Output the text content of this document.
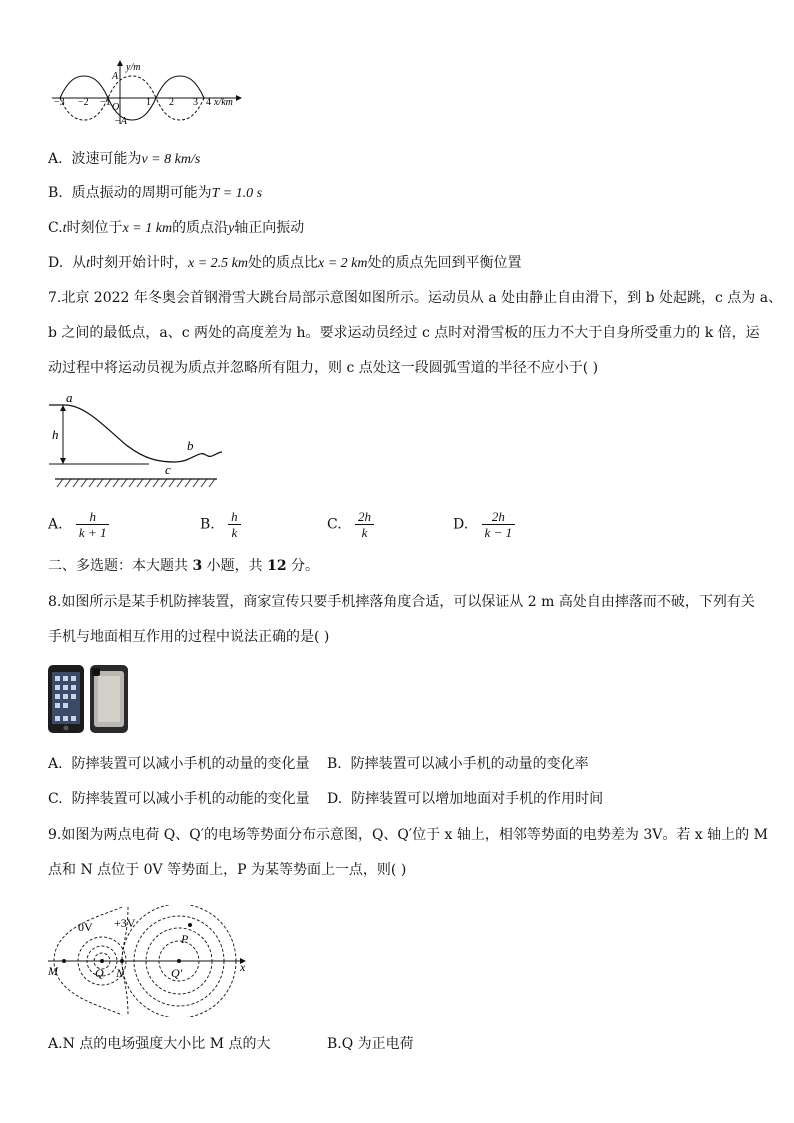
y/m
A
−A
O
−3 −2 −1	1 2 3 4 x/km
A. 波速可能为v = 8 km/s
B. 质点振动的周期可能为T = 1.0 s
C.t时刻位于x = 1 km的质点沿y轴正向振动
D. 从t时刻开始计时，x = 2.5 km处的质点比x = 2 km处的质点先回到平衡位置
7.北京 2022 年冬奥会首钢滑雪大跳台局部示意图如图所示。运动员从 a 处由静止自由滑下，到 b 处起跳，c 点为 a、
b 之间的最低点，a、c 两处的高度差为 h。要求运动员经过 c 点时对滑雪板的压力不大于自身所受重力的 k 倍，运
动过程中将运动员视为质点并忽略所有阻力，则 c 点处这一段圆弧雪道的半径不应小于( )
a
h
c
b
A. $\frac{h}{k + 1}$	B. $\frac{h}{k}$	C. $\frac{2h}{k}$	D. $\frac{2h}{k - 1}$
二、多选题：本大题共 3 小题，共 12 分。
8.如图所示是某手机防摔装置，商家宣传只要手机摔落角度合适，可以保证从 2 m 高处自由摔落而不破，下列有关
手机与地面相互作用的过程中说法正确的是( )
A. 防摔装置可以减小手机的动量的变化量 B. 防摔装置可以减小手机的动量的变化率
C. 防摔装置可以减小手机的动能的变化量 D. 防摔装置可以增加地面对手机的作用时间
9.如图为两点电荷 Q、Q′的电场等势面分布示意图，Q、Q′位于 x 轴上，相邻等势面的电势差为 3V。若 x 轴上的 M
点和 N 点位于 0V 等势面上，P 为某等势面上一点，则( )
0V +3V
M	Q N	Q′
P
x
A.N 点的电场强度大小比 M 点的大	B.Q 为正电荷
